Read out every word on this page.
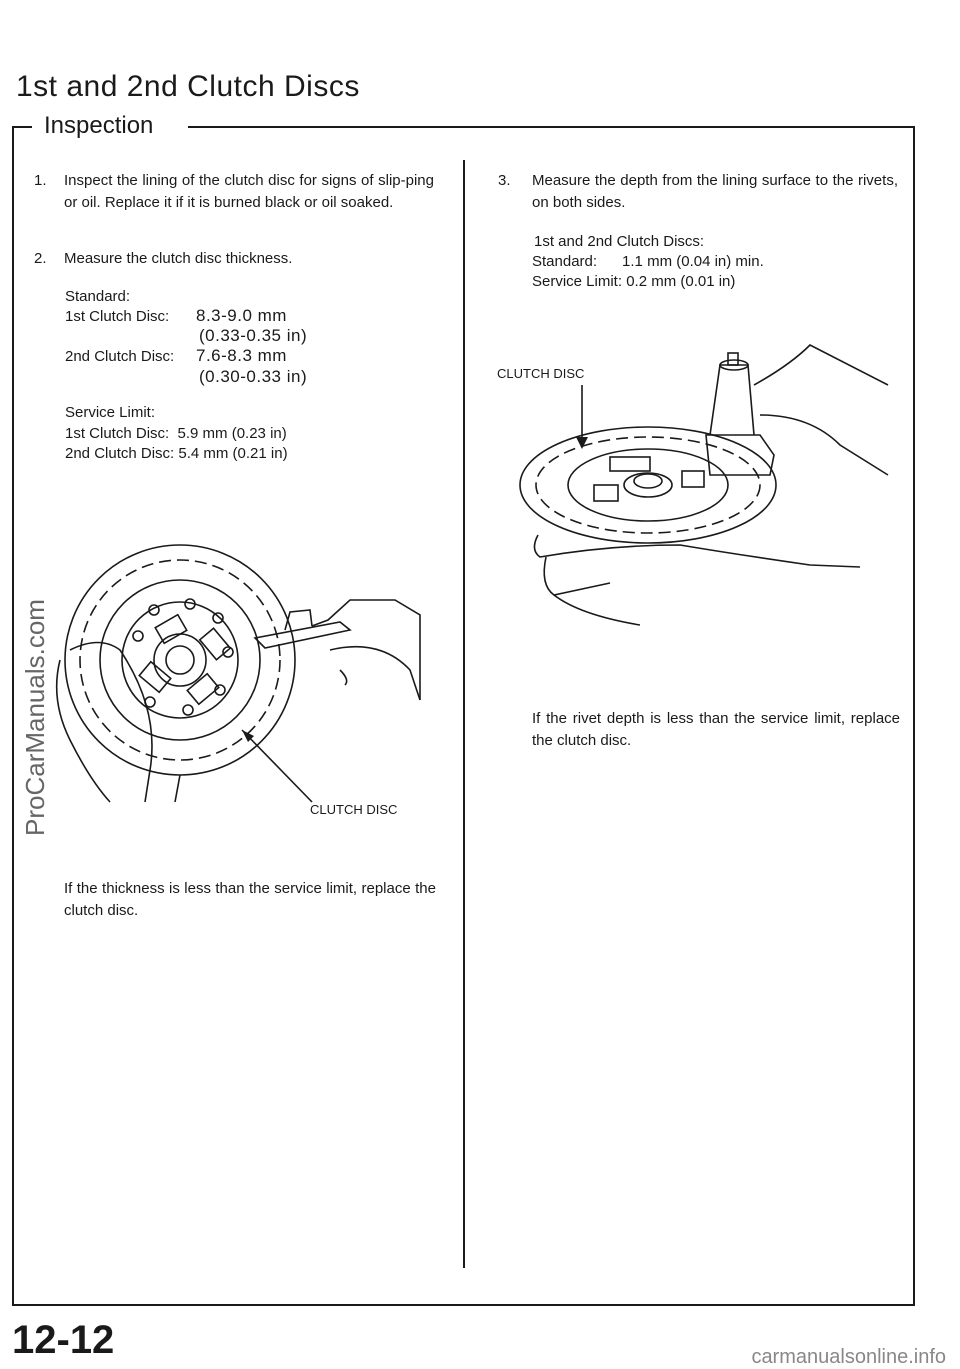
1st and 2nd Clutch Discs
Inspection
1. Inspect the lining of the clutch disc for signs of slip-ping or oil. Replace it if it is burned black or oil soaked.
2. Measure the clutch disc thickness.
Standard:
1st Clutch Disc: 8.3-9.0 mm
(0.33-0.35 in)
2nd Clutch Disc: 7.6-8.3 mm
(0.30-0.33 in)
Service Limit:
1st Clutch Disc:  5.9 mm (0.23 in)
2nd Clutch Disc: 5.4 mm (0.21 in)
CLUTCH DISC
If the thickness is less than the service limit, replace the clutch disc.
3. Measure the depth from the lining surface to the rivets, on both sides.
1st and 2nd Clutch Discs:
Standard:      1.1 mm (0.04 in) min.
Service Limit: 0.2 mm (0.01 in)
CLUTCH DISC
If the rivet depth is less than the service limit, replace the clutch disc.
12-12
ProCarManuals.com
carmanualsonline.info
